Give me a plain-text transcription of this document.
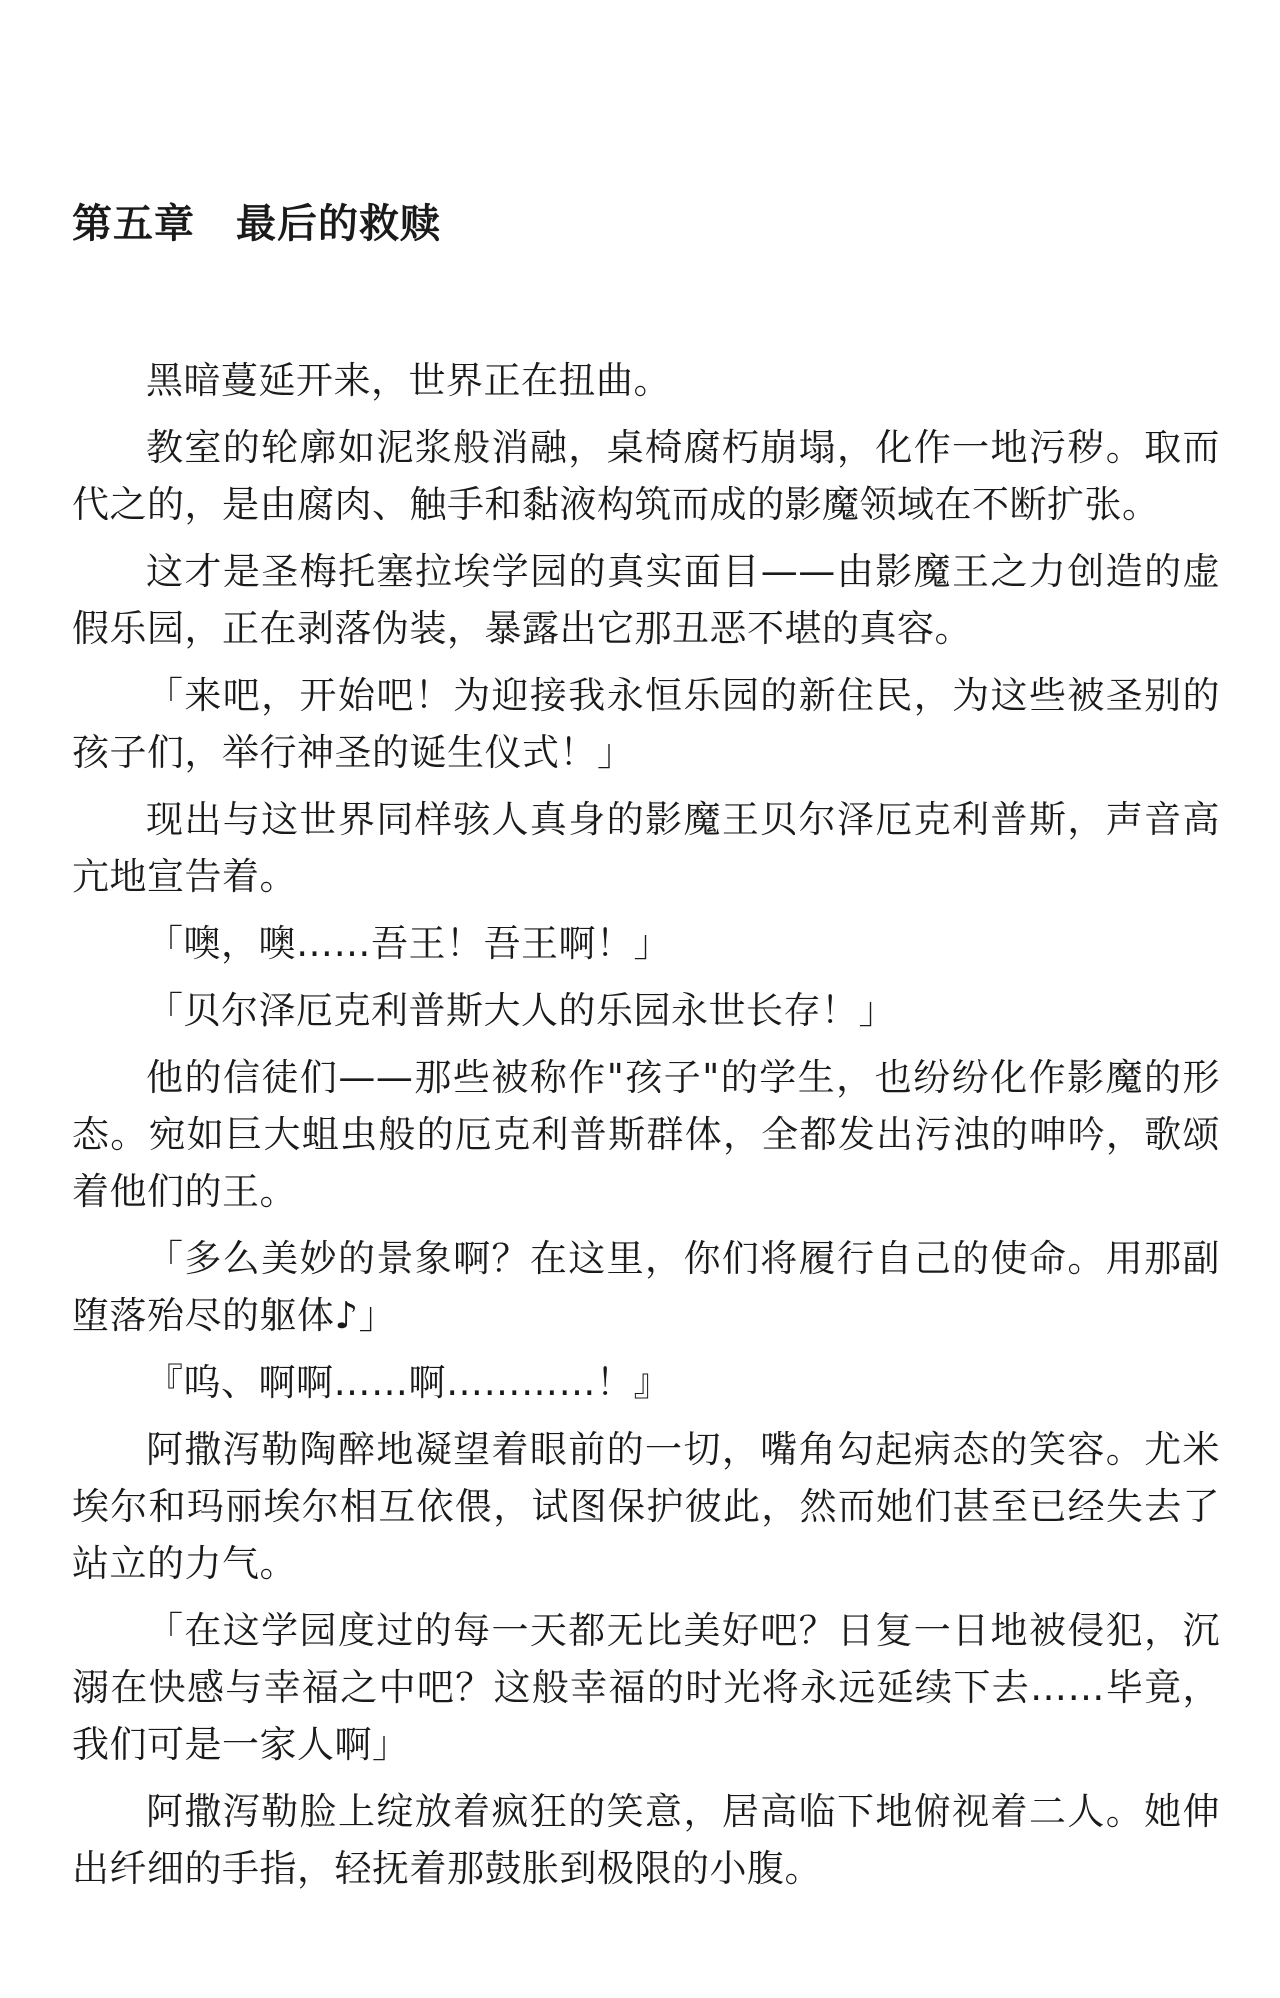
第五章　最后的救赎

黑暗蔓延开来，世界正在扭曲。

教室的轮廓如泥浆般消融，桌椅腐朽崩塌，化作一地污秽。取而代之的，是由腐肉、触手和黏液构筑而成的影魔领域在不断扩张。

这才是圣梅托塞拉埃学园的真实面目——由影魔王之力创造的虚假乐园，正在剥落伪装，暴露出它那丑恶不堪的真容。

「来吧，开始吧！为迎接我永恒乐园的新住民，为这些被圣别的孩子们，举行神圣的诞生仪式！」

现出与这世界同样骇人真身的影魔王贝尔泽厄克利普斯，声音高亢地宣告着。

「噢，噢……吾王！吾王啊！」

「贝尔泽厄克利普斯大人的乐园永世长存！」

他的信徒们——那些被称作"孩子"的学生，也纷纷化作影魔的形态。宛如巨大蛆虫般的厄克利普斯群体，全都发出污浊的呻吟，歌颂着他们的王。

「多么美妙的景象啊？在这里，你们将履行自己的使命。用那副堕落殆尽的躯体♪」

『呜、啊啊……啊…………！』

阿撒泻勒陶醉地凝望着眼前的一切，嘴角勾起病态的笑容。尤米埃尔和玛丽埃尔相互依偎，试图保护彼此，然而她们甚至已经失去了站立的力气。

「在这学园度过的每一天都无比美好吧？日复一日地被侵犯，沉溺在快感与幸福之中吧？这般幸福的时光将永远延续下去……毕竟，我们可是一家人啊」

阿撒泻勒脸上绽放着疯狂的笑意，居高临下地俯视着二人。她伸出纤细的手指，轻抚着那鼓胀到极限的小腹。
